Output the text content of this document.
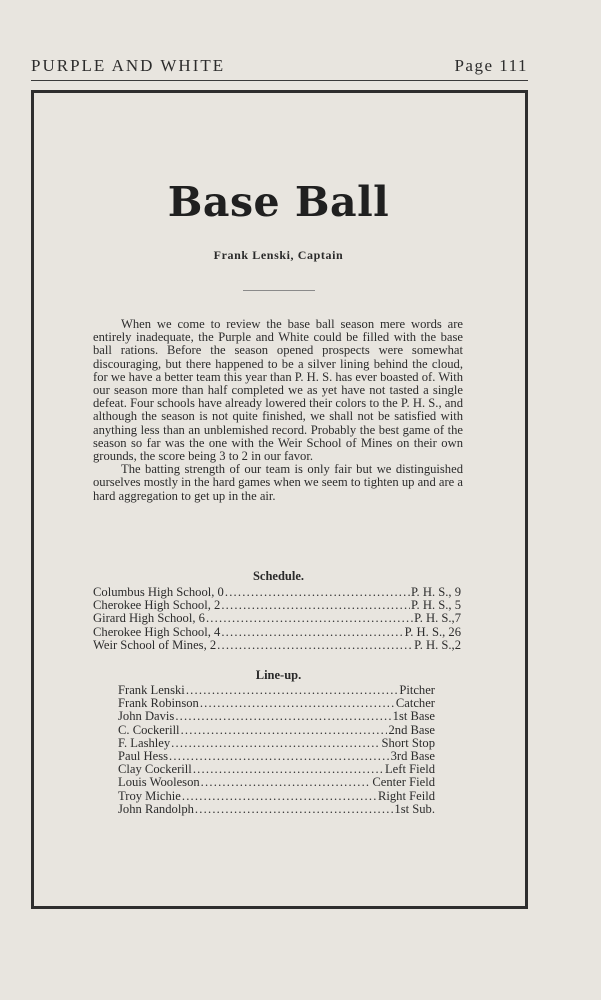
PURPLE AND WHITE	Page 111
Base Ball
Frank Lenski, Captain

When we come to review the base ball season mere words are entirely inadequate, the Purple and White could be filled with the base ball rations. Before the season opened prospects were somewhat discouraging, but there happened to be a silver lining behind the cloud, for we have a better team this year than P. H. S. has ever boasted of. With our season more than half completed we as yet have not tasted a single defeat. Four schools have already lowered their colors to the P. H. S., and although the season is not quite finished, we shall not be satisfied with anything less than an unblemished record. Probably the best game of the season so far was the one with the Weir School of Mines on their own grounds, the score being 3 to 2 in our favor.

The batting strength of our team is only fair but we distinguished ourselves mostly in the hard games when we seem to tighten up and are a hard aggregation to get up in the air.

Schedule.
Columbus High School, 0 .....	P. H. S., 9
Cherokee High School, 2 .....	P. H. S., 5
Girard High School, 6 .....	P. H. S.,7
Cherokee High School, 4 .....	P. H. S., 26
Weir School of Mines, 2 .....	P. H. S.,2
Line-up.
Frank Lenski .....	Pitcher
Frank Robinson .....	Catcher
John Davis .....	1st Base
C. Cockerill .....	2nd Base
F. Lashley .....	Short Stop
Paul Hess .....	3rd Base
Clay Cockerill .....	Left Field
Louis Wooleson .....	Center Field
Troy Michie .....	Right Feild
John Randolph .....	1st Sub.
